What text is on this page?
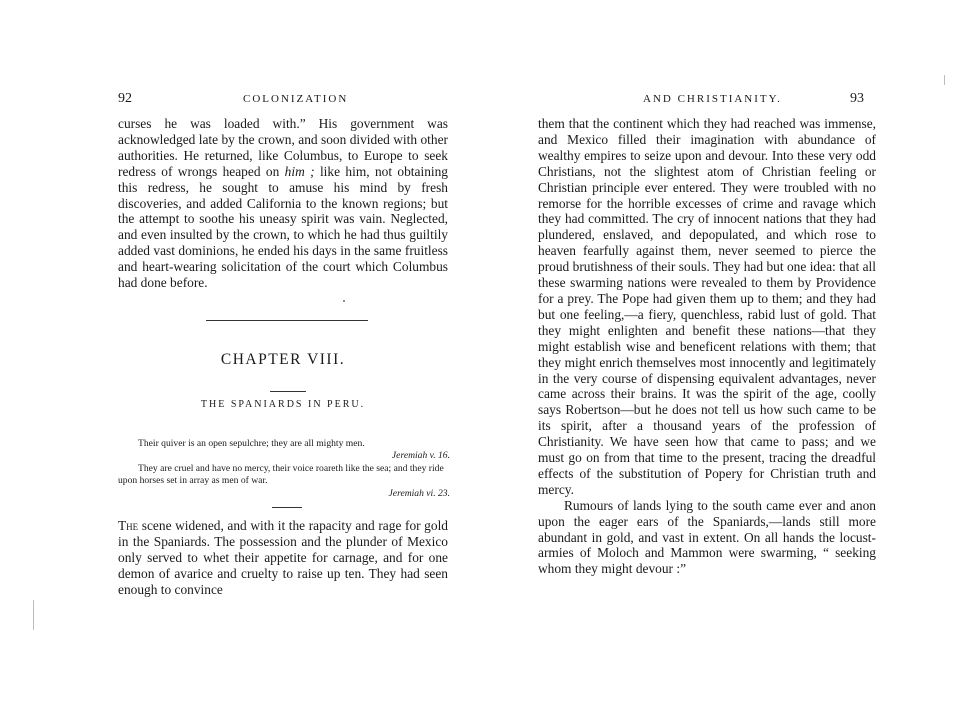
92	COLONIZATION

curses he was loaded with.” His government was acknowledged late by the crown, and soon divided with other authorities. He returned, like Columbus, to Europe to seek redress of wrongs heaped on him ; like him, not obtaining this redress, he sought to amuse his mind by fresh discoveries, and added California to the known regions; but the attempt to soothe his uneasy spirit was vain. Neglected, and even insulted by the crown, to which he had thus guiltily added vast dominions, he ended his days in the same fruitless and heart-wearing solicitation of the court which Columbus had done before.

CHAPTER VIII.
THE SPANIARDS IN PERU.
Their quiver is an open sepulchre; they are all mighty men.
Jeremiah v. 16.
They are cruel and have no mercy, their voice roareth like the sea; and they ride upon horses set in array as men of war.
Jeremiah vi. 23.

The scene widened, and with it the rapacity and rage for gold in the Spaniards. The possession and the plunder of Mexico only served to whet their appetite for carnage, and for one demon of avarice and cruelty to raise up ten. They had seen enough to convince

AND CHRISTIANITY.	93

them that the continent which they had reached was immense, and Mexico filled their imagination with abundance of wealthy empires to seize upon and devour. Into these very odd Christians, not the slightest atom of Christian feeling or Christian principle ever entered. They were troubled with no remorse for the horrible excesses of crime and ravage which they had committed. The cry of innocent nations that they had plundered, enslaved, and depopulated, and which rose to heaven fearfully against them, never seemed to pierce the proud brutishness of their souls. They had but one idea: that all these swarming nations were revealed to them by Providence for a prey. The Pope had given them up to them; and they had but one feeling,—a fiery, quenchless, rabid lust of gold. That they might enlighten and benefit these nations—that they might establish wise and beneficent relations with them; that they might enrich themselves most innocently and legitimately in the very course of dispensing equivalent advantages, never came across their brains. It was the spirit of the age, coolly says Robertson—but he does not tell us how such came to be its spirit, after a thousand years of the profession of Christianity. We have seen how that came to pass; and we must go on from that time to the present, tracing the dreadful effects of the substitution of Popery for Christian truth and mercy.

Rumours of lands lying to the south came ever and anon upon the eager ears of the Spaniards,—lands still more abundant in gold, and vast in extent. On all hands the locust-armies of Moloch and Mammon were swarming, “ seeking whom they might devour :”
